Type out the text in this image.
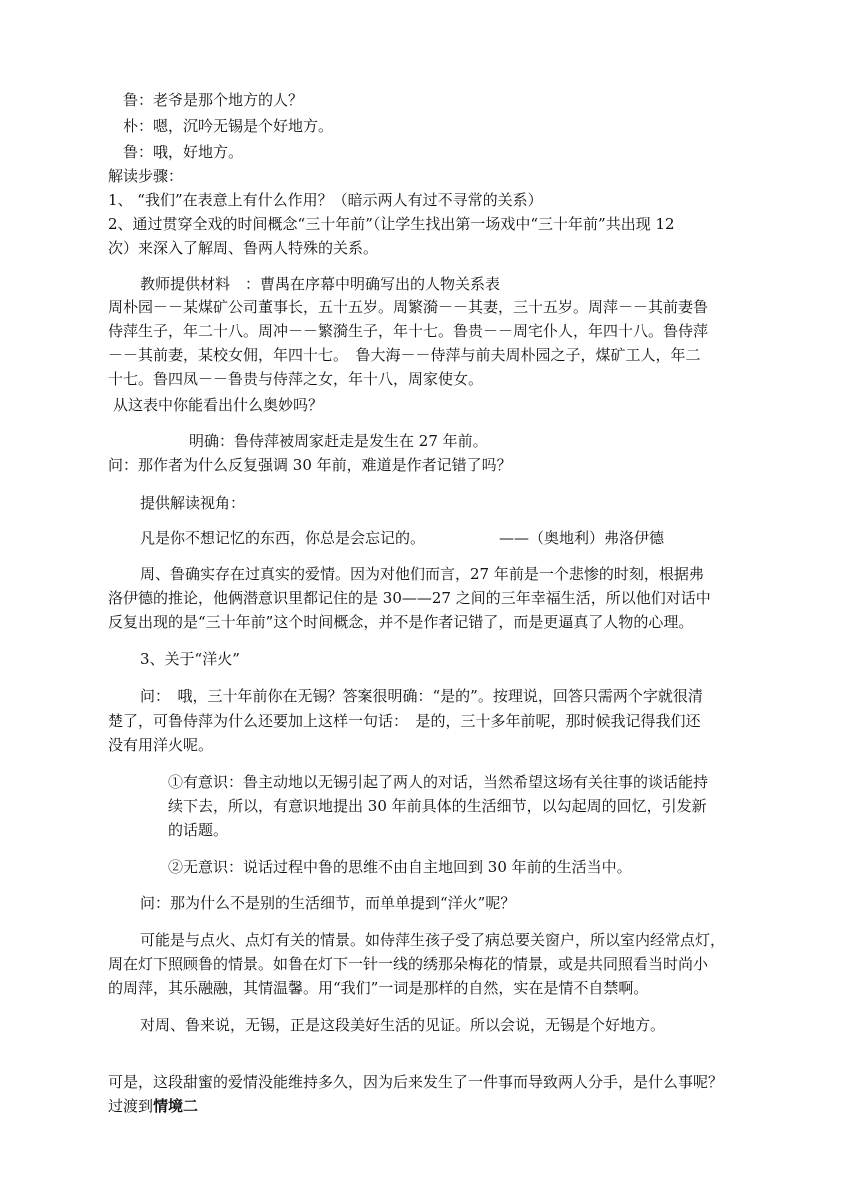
鲁：老爷是那个地方的人？
朴：嗯，沉吟无锡是个好地方。
鲁：哦，好地方。
解读步骤：
1、 “我们”在表意上有什么作用？（暗示两人有过不寻常的关系）
2、通过贯穿全戏的时间概念“三十年前”（让学生找出第一场戏中“三十年前”共出现 12
次）来深入了解周、鲁两人特殊的关系。
教师提供材料　：曹禺在序幕中明确写出的人物关系表
周朴园－－某煤矿公司董事长，五十五岁。周繁漪－－其妻，三十五岁。周萍－－其前妻鲁
侍萍生子，年二十八。周冲－－繁漪生子，年十七。鲁贵－－周宅仆人，年四十八。鲁侍萍
－－其前妻，某校女佣，年四十七。　鲁大海－－侍萍与前夫周朴园之子，煤矿工人，年二
十七。鲁四凤－－鲁贵与侍萍之女，年十八，周家使女。
从这表中你能看出什么奥妙吗？
明确：鲁侍萍被周家赶走是发生在 27 年前。
问：那作者为什么反复强调 30 年前，难道是作者记错了吗？
提供解读视角：
凡是你不想记忆的东西，你总是会忘记的。	——（奥地利）弗洛伊德
周、鲁确实存在过真实的爱情。因为对他们而言，27 年前是一个悲惨的时刻，根据弗
洛伊德的推论，他俩潜意识里都记住的是 30——27 之间的三年幸福生活，所以他们对话中
反复出现的是“三十年前”这个时间概念，并不是作者记错了，而是更逼真了人物的心理。
3、关于“洋火”
问：　哦，三十年前你在无锡？答案很明确：“是的”。按理说，回答只需两个字就很清
楚了，可鲁侍萍为什么还要加上这样一句话：　是的，三十多年前呢，那时候我记得我们还
没有用洋火呢。
①有意识：鲁主动地以无锡引起了两人的对话，当然希望这场有关往事的谈话能持
续下去，所以，有意识地提出 30 年前具体的生活细节，以勾起周的回忆，引发新
的话题。
②无意识：说话过程中鲁的思维不由自主地回到 30 年前的生活当中。
问：那为什么不是别的生活细节，而单单提到“洋火”呢？
可能是与点火、点灯有关的情景。如侍萍生孩子受了病总要关窗户，所以室内经常点灯，
周在灯下照顾鲁的情景。如鲁在灯下一针一线的绣那朵梅花的情景，或是共同照看当时尚小
的周萍，其乐融融，其情温馨。用“我们”一词是那样的自然，实在是情不自禁啊。
对周、鲁来说，无锡，正是这段美好生活的见证。所以会说，无锡是个好地方。
可是，这段甜蜜的爱情没能维持多久，因为后来发生了一件事而导致两人分手，是什么事呢？
过渡到情境二
